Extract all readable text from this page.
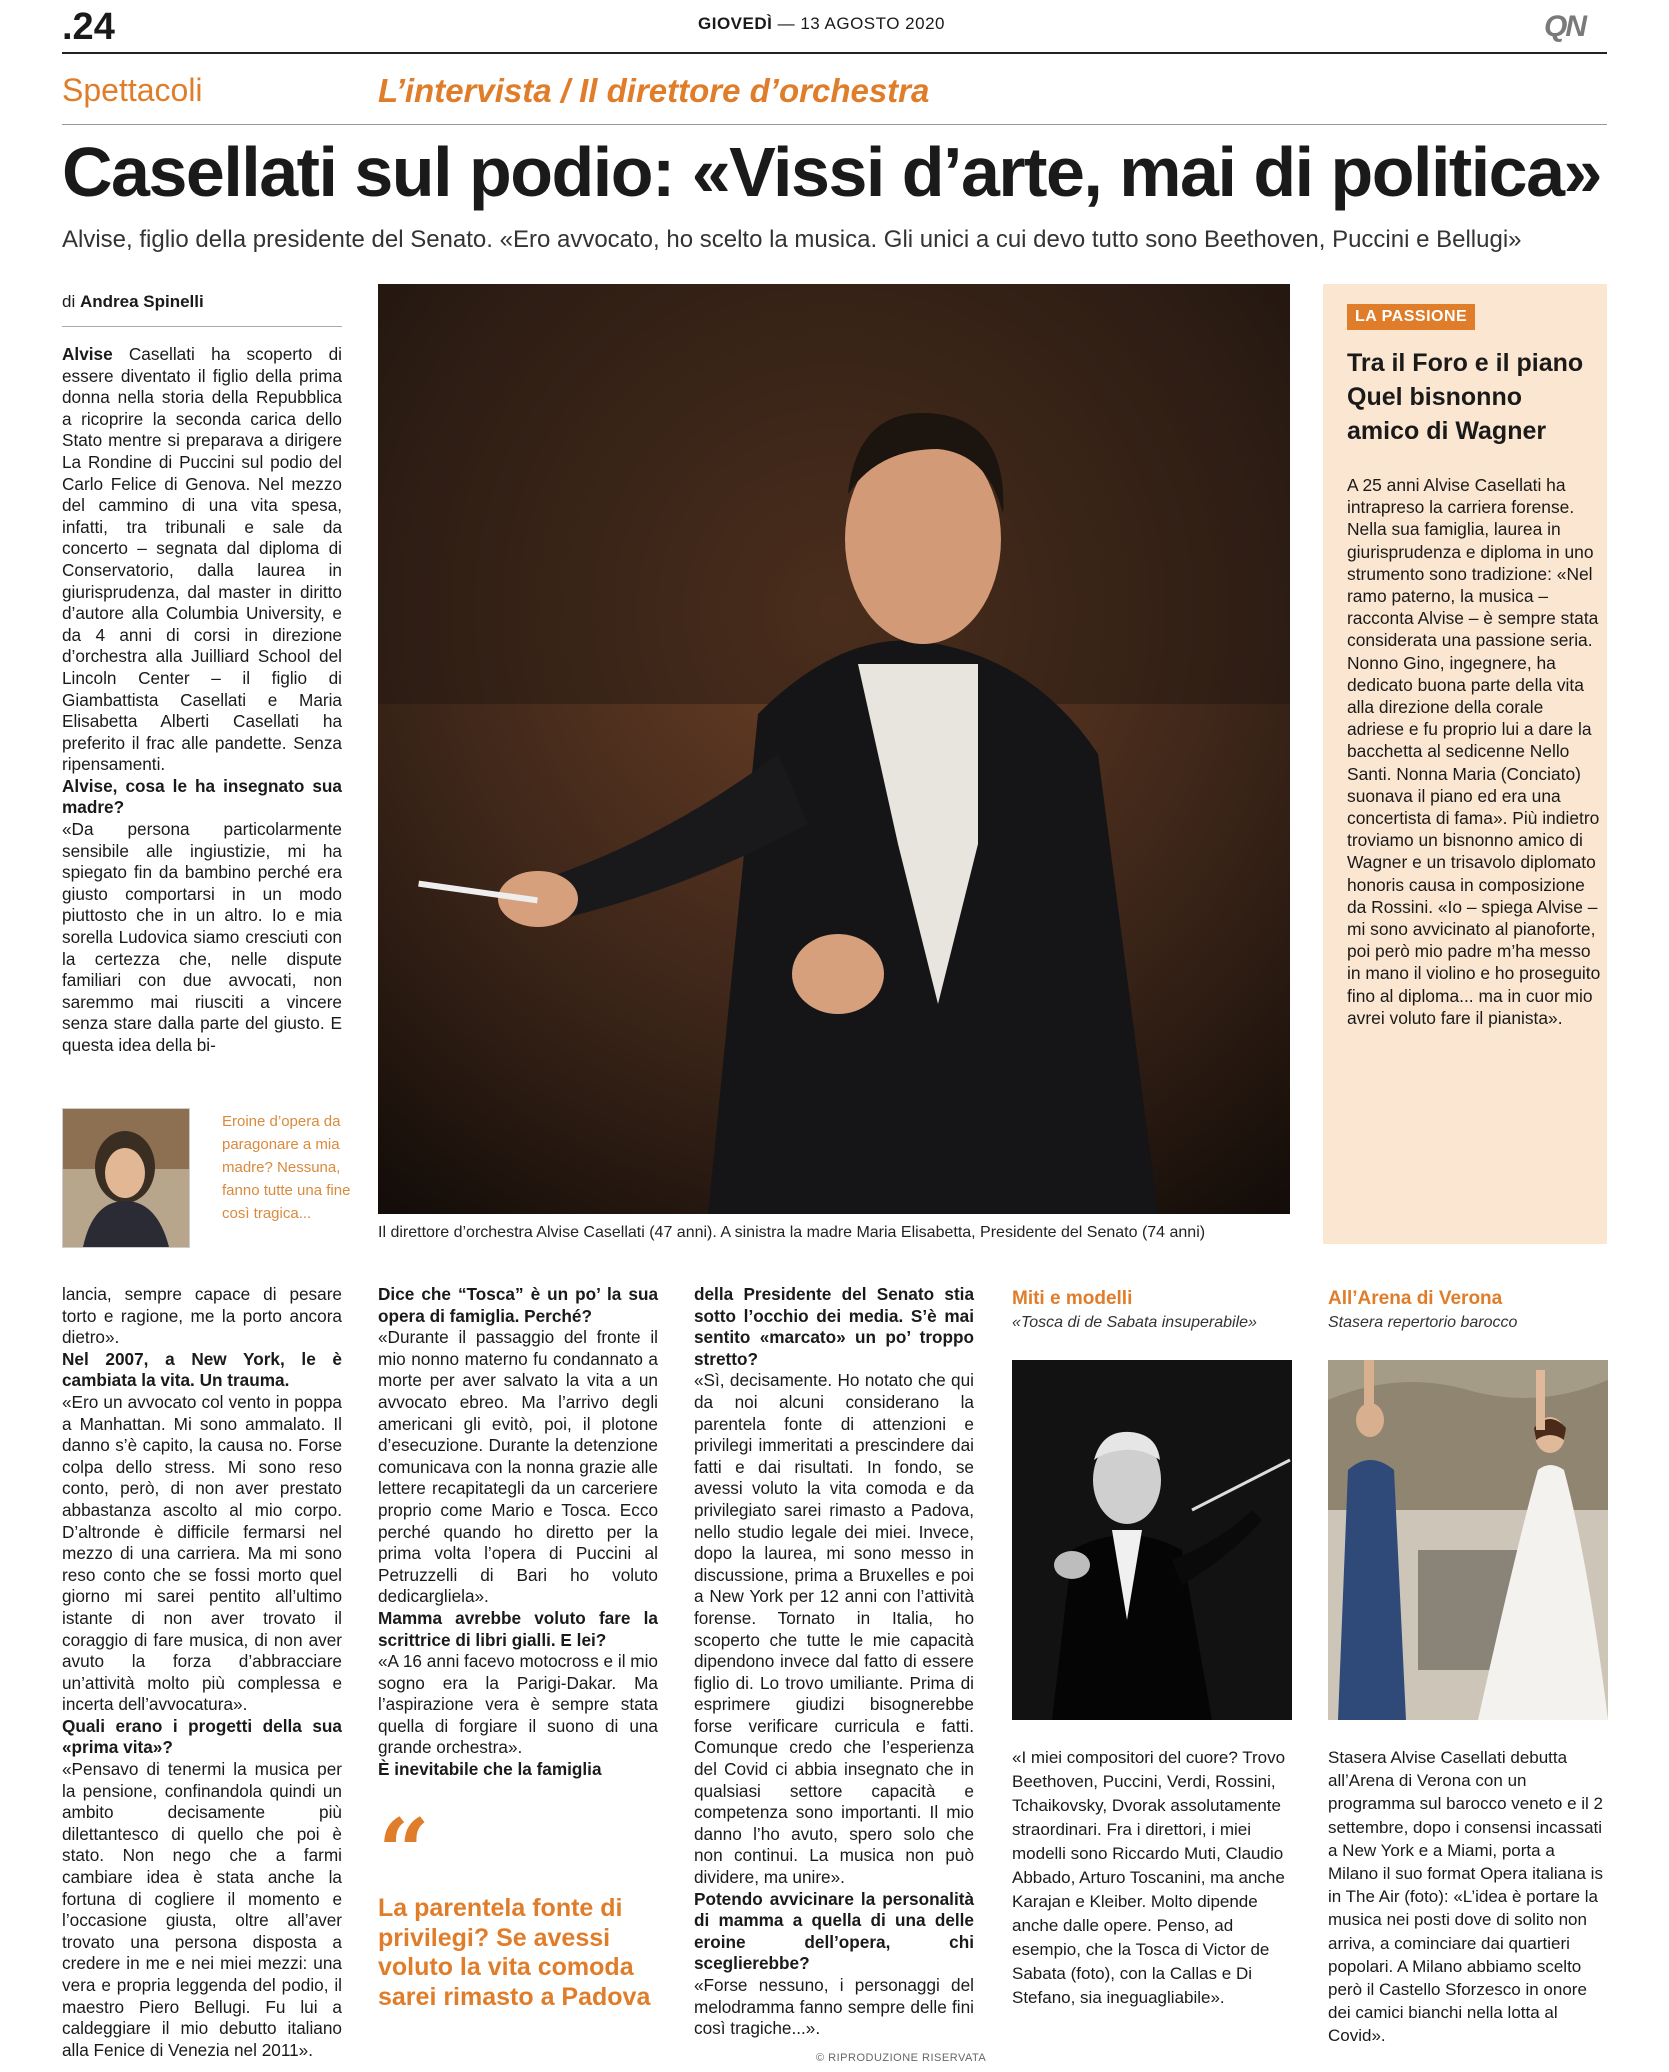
.24	GIOVEDÌ — 13 AGOSTO 2020	QN
Spettacoli	L’intervista / Il direttore d’orchestra
Casellati sul podio: «Vissi d’arte, mai di politica»
Alvise, figlio della presidente del Senato. «Ero avvocato, ho scelto la musica. Gli unici a cui devo tutto sono Beethoven, Puccini e Bellugi»
di Andrea Spinelli

Alvise Casellati ha scoperto di essere diventato il figlio della prima donna nella storia della Repubblica a ricoprire la seconda carica dello Stato mentre si preparava a dirigere La Rondine di Puccini sul podio del Carlo Felice di Genova. Nel mezzo del cammino di una vita spesa, infatti, tra tribunali e sale da concerto – segnata dal diploma di Conservatorio, dalla laurea in giurisprudenza, dal master in diritto d’autore alla Columbia University, e da 4 anni di corsi in direzione d’orchestra alla Juilliard School del Lincoln Center – il figlio di Giambattista Casellati e Maria Elisabetta Alberti Casellati ha preferito il frac alle pandette. Senza ripensamenti.

Alvise, cosa le ha insegnato sua madre?

«Da persona particolarmente sensibile alle ingiustizie, mi ha spiegato fin da bambino perché era giusto comportarsi in un modo piuttosto che in un altro. Io e mia sorella Ludovica siamo cresciuti con la certezza che, nelle dispute familiari con due avvocati, non saremmo mai riusciti a vincere senza stare dalla parte del giusto. E questa idea della bi-

Eroine d’opera da paragonare a mia madre? Nessuna, fanno tutte una fine così tragica...
Il direttore d’orchestra Alvise Casellati (47 anni). A sinistra la madre Maria Elisabetta, Presidente del Senato (74 anni)
LA PASSIONE
Tra il Foro e il piano Quel bisnonno amico di Wagner
A 25 anni Alvise Casellati ha intrapreso la carriera forense. Nella sua famiglia, laurea in giurisprudenza e diploma in uno strumento sono tradizione: «Nel ramo paterno, la musica – racconta Alvise – è sempre stata considerata una passione seria. Nonno Gino, ingegnere, ha dedicato buona parte della vita alla direzione della corale adriese e fu proprio lui a dare la bacchetta al sedicenne Nello Santi. Nonna Maria (Conciato) suonava il piano ed era una concertista di fama». Più indietro troviamo un bisnonno amico di Wagner e un trisavolo diplomato honoris causa in composizione da Rossini. «Io – spiega Alvise – mi sono avvicinato al pianoforte, poi però mio padre m’ha messo in mano il violino e ho proseguito fino al diploma... ma in cuor mio avrei voluto fare il pianista».

lancia, sempre capace di pesare torto e ragione, me la porto ancora dietro».

Nel 2007, a New York, le è cambiata la vita. Un trauma.

«Ero un avvocato col vento in poppa a Manhattan. Mi sono ammalato. Il danno s’è capito, la causa no. Forse colpa dello stress. Mi sono reso conto, però, di non aver prestato abbastanza ascolto al mio corpo. D’altronde è difficile fermarsi nel mezzo di una carriera. Ma mi sono reso conto che se fossi morto quel giorno mi sarei pentito all’ultimo istante di non aver trovato il coraggio di fare musica, di non aver avuto la forza d’abbracciare un’attività molto più complessa e incerta dell’avvocatura».

Quali erano i progetti della sua «prima vita»?

«Pensavo di tenermi la musica per la pensione, confinandola quindi un ambito decisamente più dilettantesco di quello che poi è stato. Non nego che a farmi cambiare idea è stata anche la fortuna di cogliere il momento e l’occasione giusta, oltre all’aver trovato una persona disposta a credere in me e nei miei mezzi: una vera e propria leggenda del podio, il maestro Piero Bellugi. Fu lui a caldeggiare il mio debutto italiano alla Fenice di Venezia nel 2011».

Dice che “Tosca” è un po’ la sua opera di famiglia. Perché?

«Durante il passaggio del fronte il mio nonno materno fu condannato a morte per aver salvato la vita a un avvocato ebreo. Ma l’arrivo degli americani gli evitò, poi, il plotone d’esecuzione. Durante la detenzione comunicava con la nonna grazie alle lettere recapitategli da un carceriere proprio come Mario e Tosca. Ecco perché quando ho diretto per la prima volta l’opera di Puccini al Petruzzelli di Bari ho voluto dedicargliela».

Mamma avrebbe voluto fare la scrittrice di libri gialli. E lei?

«A 16 anni facevo motocross e il mio sogno era la Parigi-Dakar. Ma l’aspirazione vera è sempre stata quella di forgiare il suono di una grande orchestra».

È inevitabile che la famiglia

“
La parentela fonte di privilegi? Se avessi voluto la vita comoda sarei rimasto a Padova

della Presidente del Senato stia sotto l’occhio dei media. S’è mai sentito «marcato» un po’ troppo stretto?

«Sì, decisamente. Ho notato che qui da noi alcuni considerano la parentela fonte di attenzioni e privilegi immeritati a prescindere dai fatti e dai risultati. In fondo, se avessi voluto la vita comoda e da privilegiato sarei rimasto a Padova, nello studio legale dei miei. Invece, dopo la laurea, mi sono messo in discussione, prima a Bruxelles e poi a New York per 12 anni con l’attività forense. Tornato in Italia, ho scoperto che tutte le mie capacità dipendono invece dal fatto di essere figlio di. Lo trovo umiliante. Prima di esprimere giudizi bisognerebbe forse verificare curricula e fatti. Comunque credo che l’esperienza del Covid ci abbia insegnato che in qualsiasi settore capacità e competenza sono importanti. Il mio danno l’ho avuto, spero solo che non continui. La musica non può dividere, ma unire».

Potendo avvicinare la personalità di mamma a quella di una delle eroine dell’opera, chi sceglierebbe?

«Forse nessuno, i personaggi del melodramma fanno sempre delle fini così tragiche...».

Miti e modelli
«Tosca di de Sabata insuperabile»
«I miei compositori del cuore? Trovo Beethoven, Puccini, Verdi, Rossini, Tchaikovsky, Dvorak assolutamente straordinari. Fra i direttori, i miei modelli sono Riccardo Muti, Claudio Abbado, Arturo Toscanini, ma anche Karajan e Kleiber. Molto dipende anche dalle opere. Penso, ad esempio, che la Tosca di Victor de Sabata (foto), con la Callas e Di Stefano, sia ineguagliabile».
All’Arena di Verona
Stasera repertorio barocco
Stasera Alvise Casellati debutta all’Arena di Verona con un programma sul barocco veneto e il 2 settembre, dopo i consensi incassati a New York e a Miami, porta a Milano il suo format Opera italiana is in The Air (foto): «L’idea è portare la musica nei posti dove di solito non arriva, a cominciare dai quartieri popolari. A Milano abbiamo scelto però il Castello Sforzesco in onore dei camici bianchi nella lotta al Covid».
© RIPRODUZIONE RISERVATA
